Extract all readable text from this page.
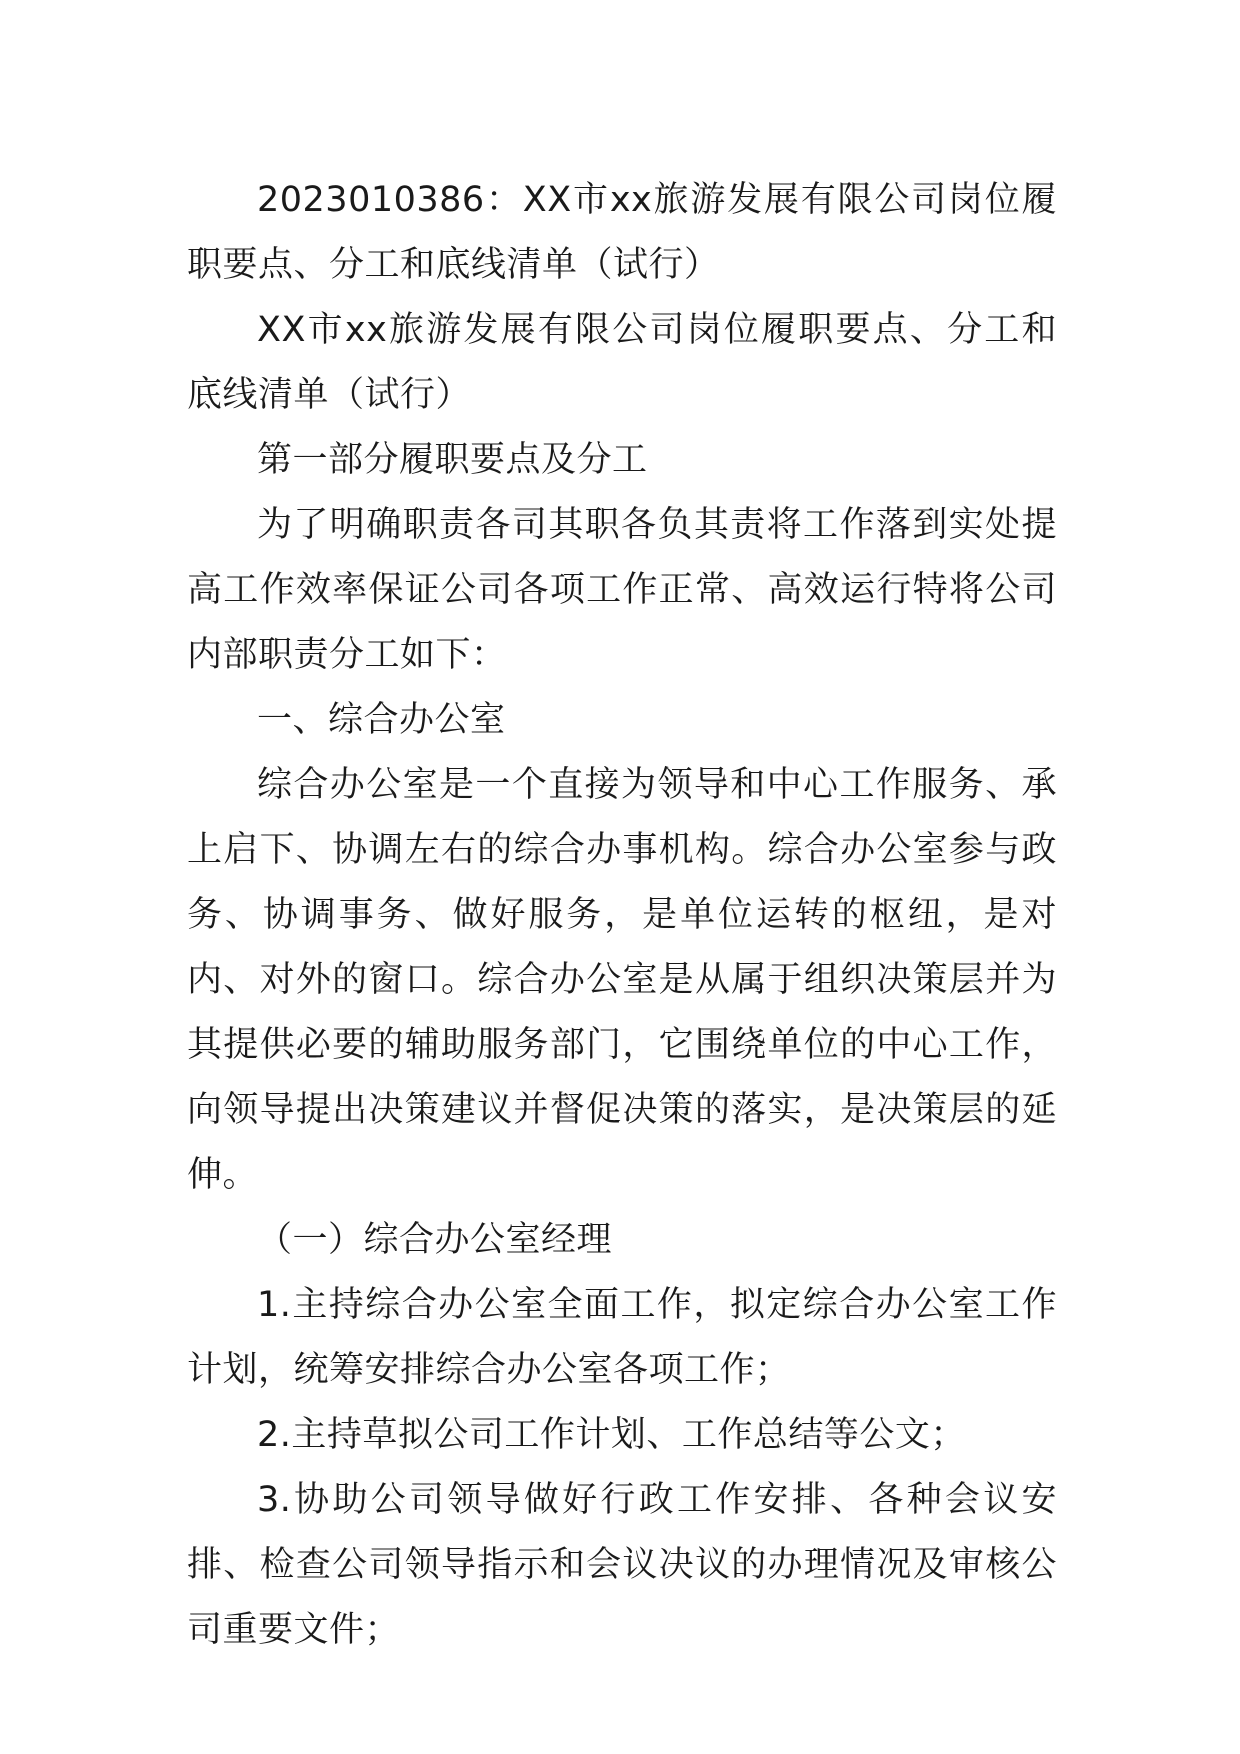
2023010386：XX市xx旅游发展有限公司岗位履职要点、分工和底线清单（试行）

XX市xx旅游发展有限公司岗位履职要点、分工和底线清单（试行）

第一部分履职要点及分工

为了明确职责各司其职各负其责将工作落到实处提高工作效率保证公司各项工作正常、高效运行特将公司内部职责分工如下：

一、综合办公室

综合办公室是一个直接为领导和中心工作服务、承上启下、协调左右的综合办事机构。综合办公室参与政务、协调事务、做好服务，是单位运转的枢纽，是对内、对外的窗口。综合办公室是从属于组织决策层并为其提供必要的辅助服务部门，它围绕单位的中心工作，向领导提出决策建议并督促决策的落实，是决策层的延伸。

（一）综合办公室经理

1.主持综合办公室全面工作，拟定综合办公室工作计划，统筹安排综合办公室各项工作；

2.主持草拟公司工作计划、工作总结等公文；

3.协助公司领导做好行政工作安排、各种会议安排、检查公司领导指示和会议决议的办理情况及审核公司重要文件；
